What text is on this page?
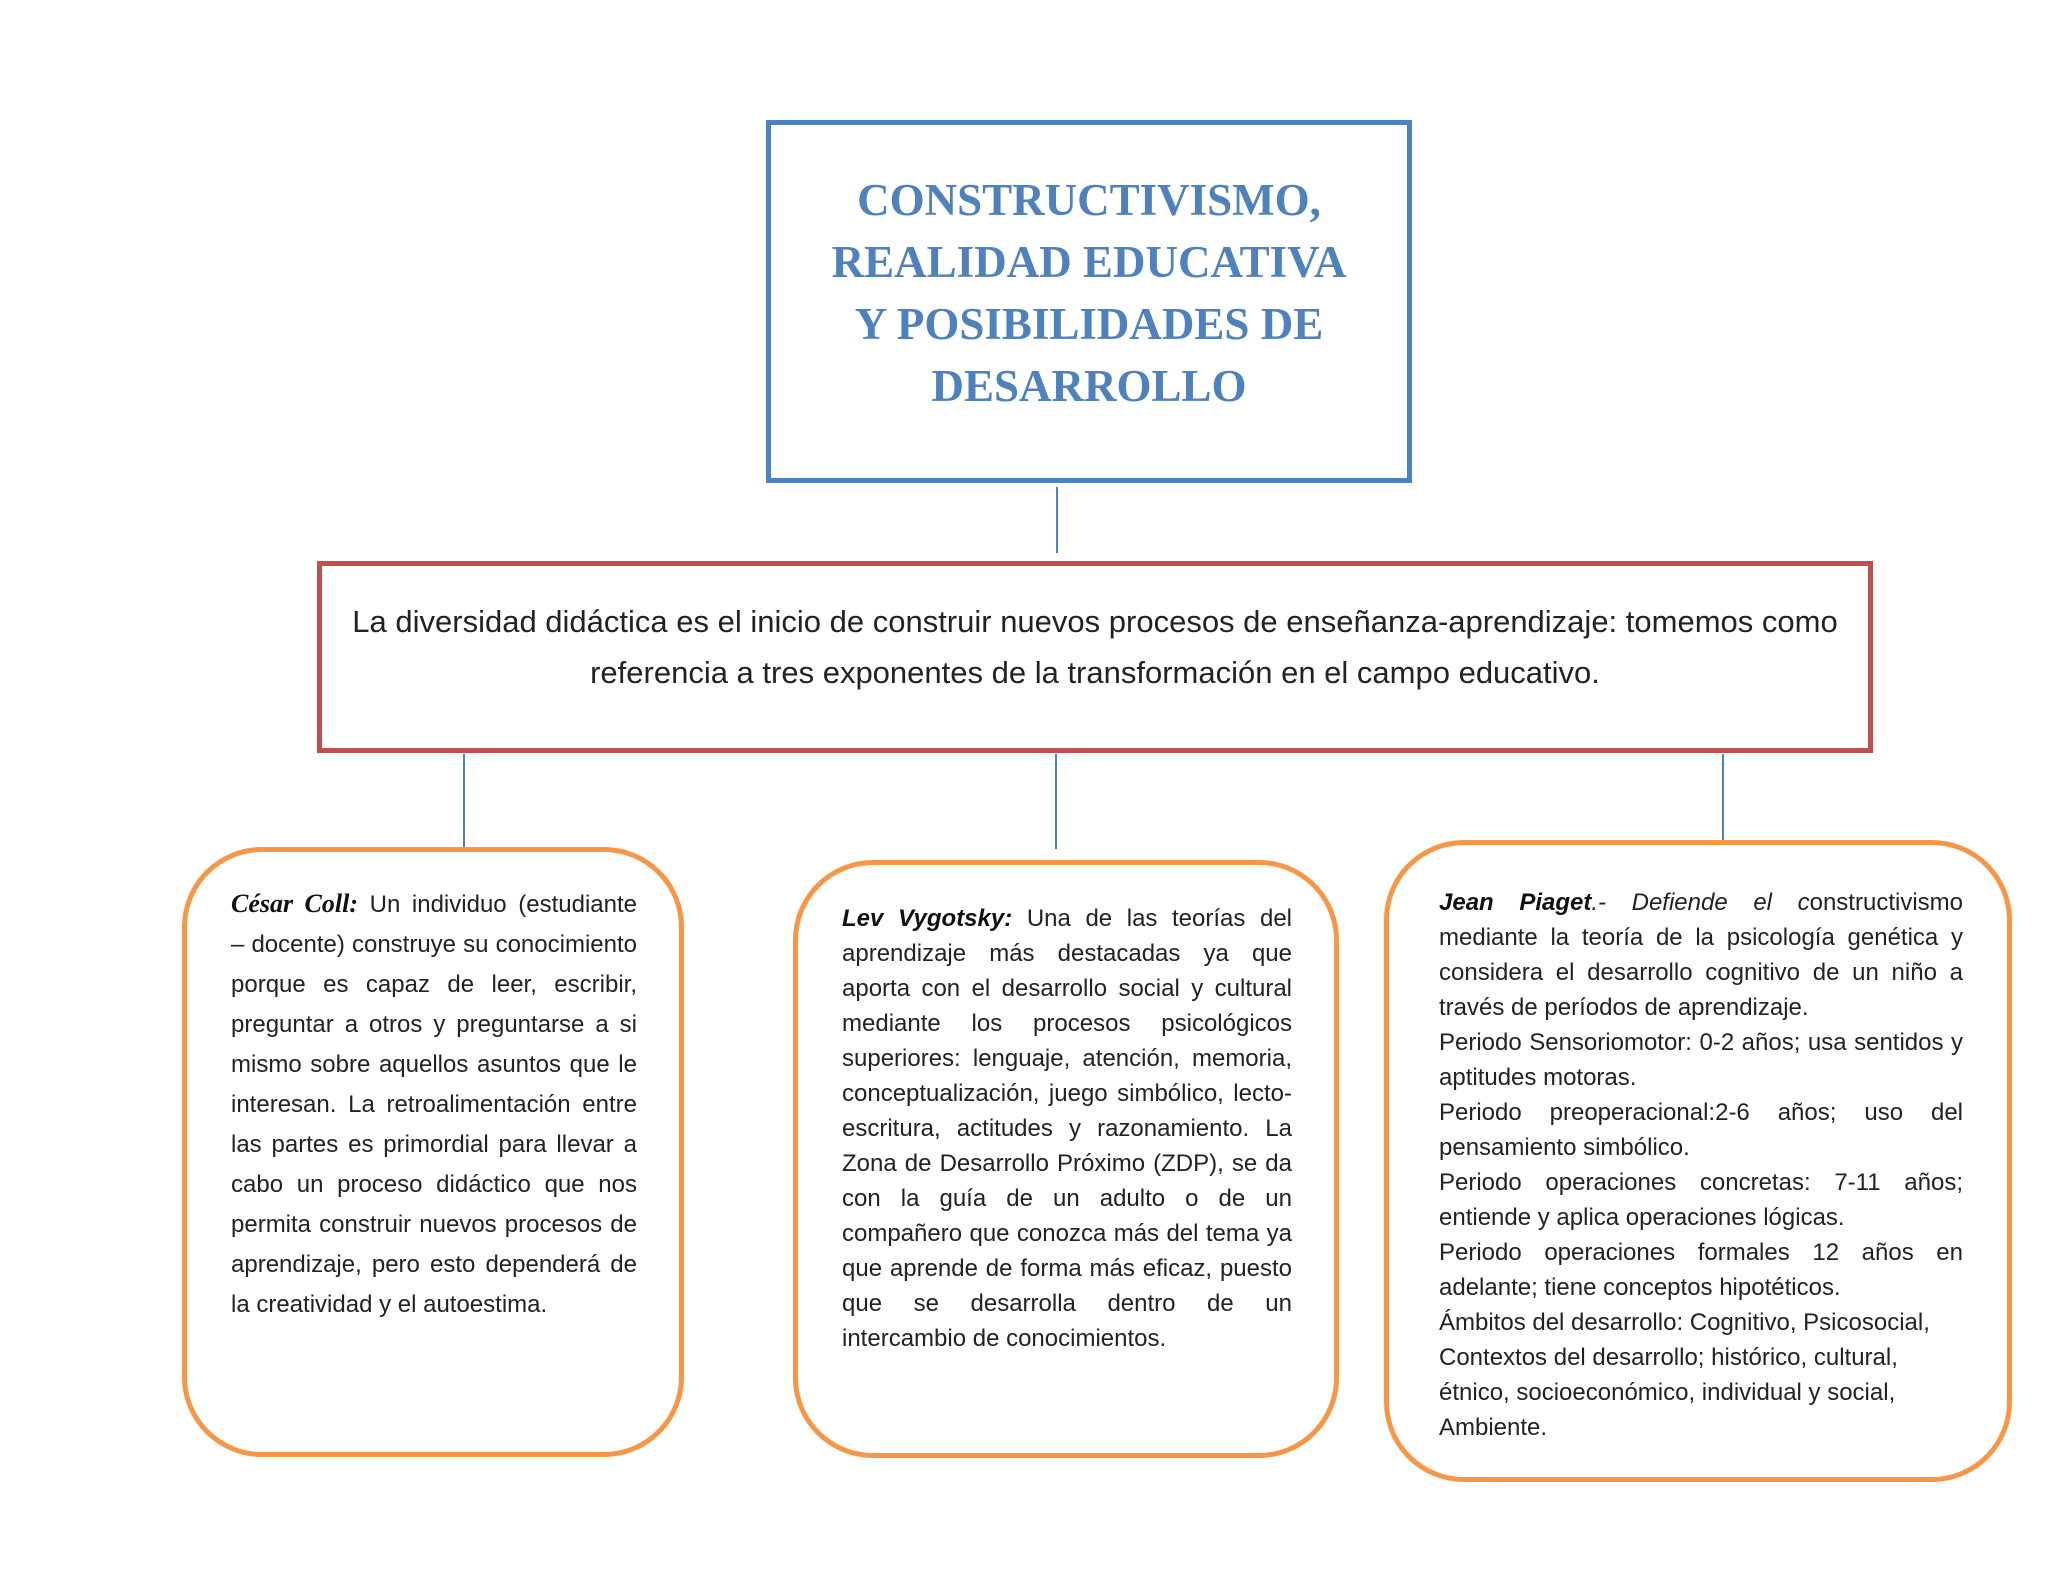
CONSTRUCTIVISMO,
REALIDAD EDUCATIVA
Y POSIBILIDADES DE
DESARROLLO
La diversidad didáctica es el inicio de construir nuevos procesos de enseñanza-aprendizaje: tomemos como referencia a tres exponentes de la transformación en el campo educativo.
César Coll: Un individuo (estudiante – docente) construye su conocimiento porque es capaz de leer, escribir, preguntar a otros y preguntarse a si mismo sobre aquellos asuntos que le interesan. La retroalimentación entre las partes es primordial para llevar a cabo un proceso didáctico que nos permita construir nuevos procesos de aprendizaje, pero esto dependerá de la creatividad y el autoestima.
Lev Vygotsky: Una de las teorías del aprendizaje más destacadas ya que aporta con el desarrollo social y cultural mediante los procesos psicológicos superiores: lenguaje, atención, memoria, conceptualización, juego simbólico, lecto-escritura, actitudes y razonamiento. La Zona de Desarrollo Próximo (ZDP), se da con la guía de un adulto o de un compañero que conozca más del tema ya que aprende de forma más eficaz, puesto que se desarrolla dentro de un intercambio de conocimientos.

Jean Piaget.- Defiende el constructivismo mediante la teoría de la psicología genética y considera el desarrollo cognitivo de un niño a través de períodos de aprendizaje.

Periodo Sensoriomotor: 0-2 años; usa sentidos y aptitudes motoras.

Periodo preoperacional:2-6 años; uso del pensamiento simbólico.

Periodo operaciones concretas: 7-11 años; entiende y aplica operaciones lógicas.

Periodo operaciones formales 12 años en adelante; tiene conceptos hipotéticos.

Ámbitos del desarrollo: Cognitivo, Psicosocial,

Contextos del desarrollo; histórico, cultural,

étnico, socioeconómico, individual y social,

Ambiente.
